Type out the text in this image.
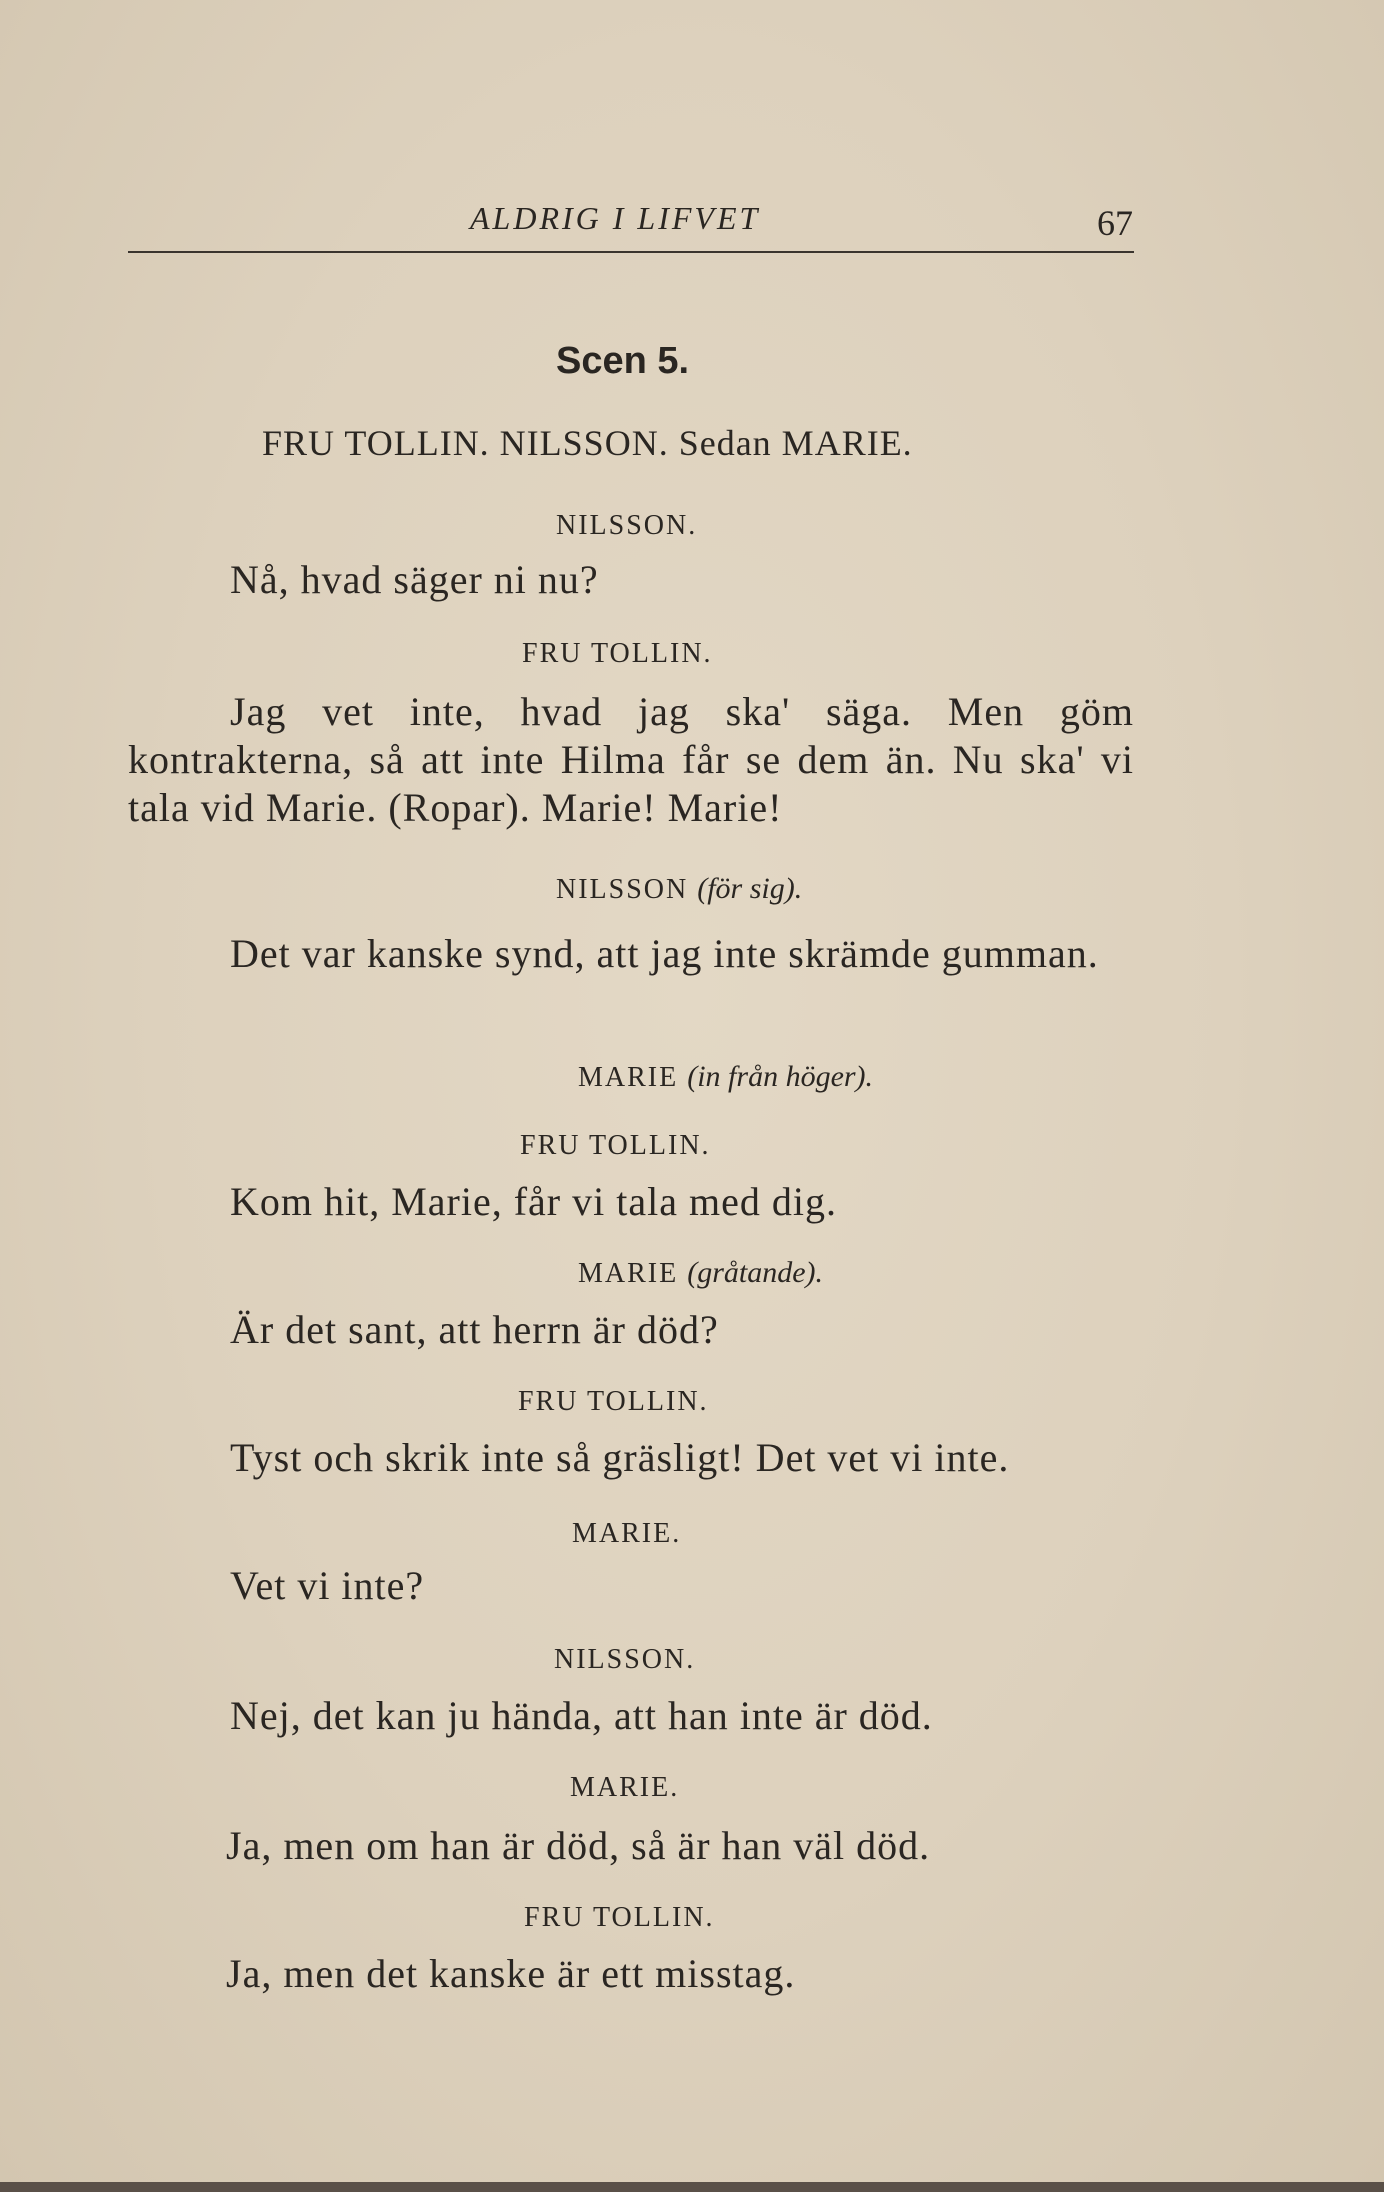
ALDRIG I LIFVET	67
Scen 5.
FRU TOLLIN. NILSSON. Sedan MARIE.
NILSSON.
Nå, hvad säger ni nu?
FRU TOLLIN.
Jag vet inte, hvad jag ska' säga. Men göm kontrakterna, så att inte Hilma får se dem än. Nu ska' vi tala vid Marie. (Ropar). Marie! Marie!
NILSSON (för sig).
Det var kanske synd, att jag inte skrämde gumman.
MARIE (in från höger).
FRU TOLLIN.
Kom hit, Marie, får vi tala med dig.
MARIE (gråtande).
Är det sant, att herrn är död?
FRU TOLLIN.
Tyst och skrik inte så gräsligt! Det vet vi inte.
MARIE.
Vet vi inte?
NILSSON.
Nej, det kan ju hända, att han inte är död.
MARIE.
Ja, men om han är död, så är han väl död.
FRU TOLLIN.
Ja, men det kanske är ett misstag.
